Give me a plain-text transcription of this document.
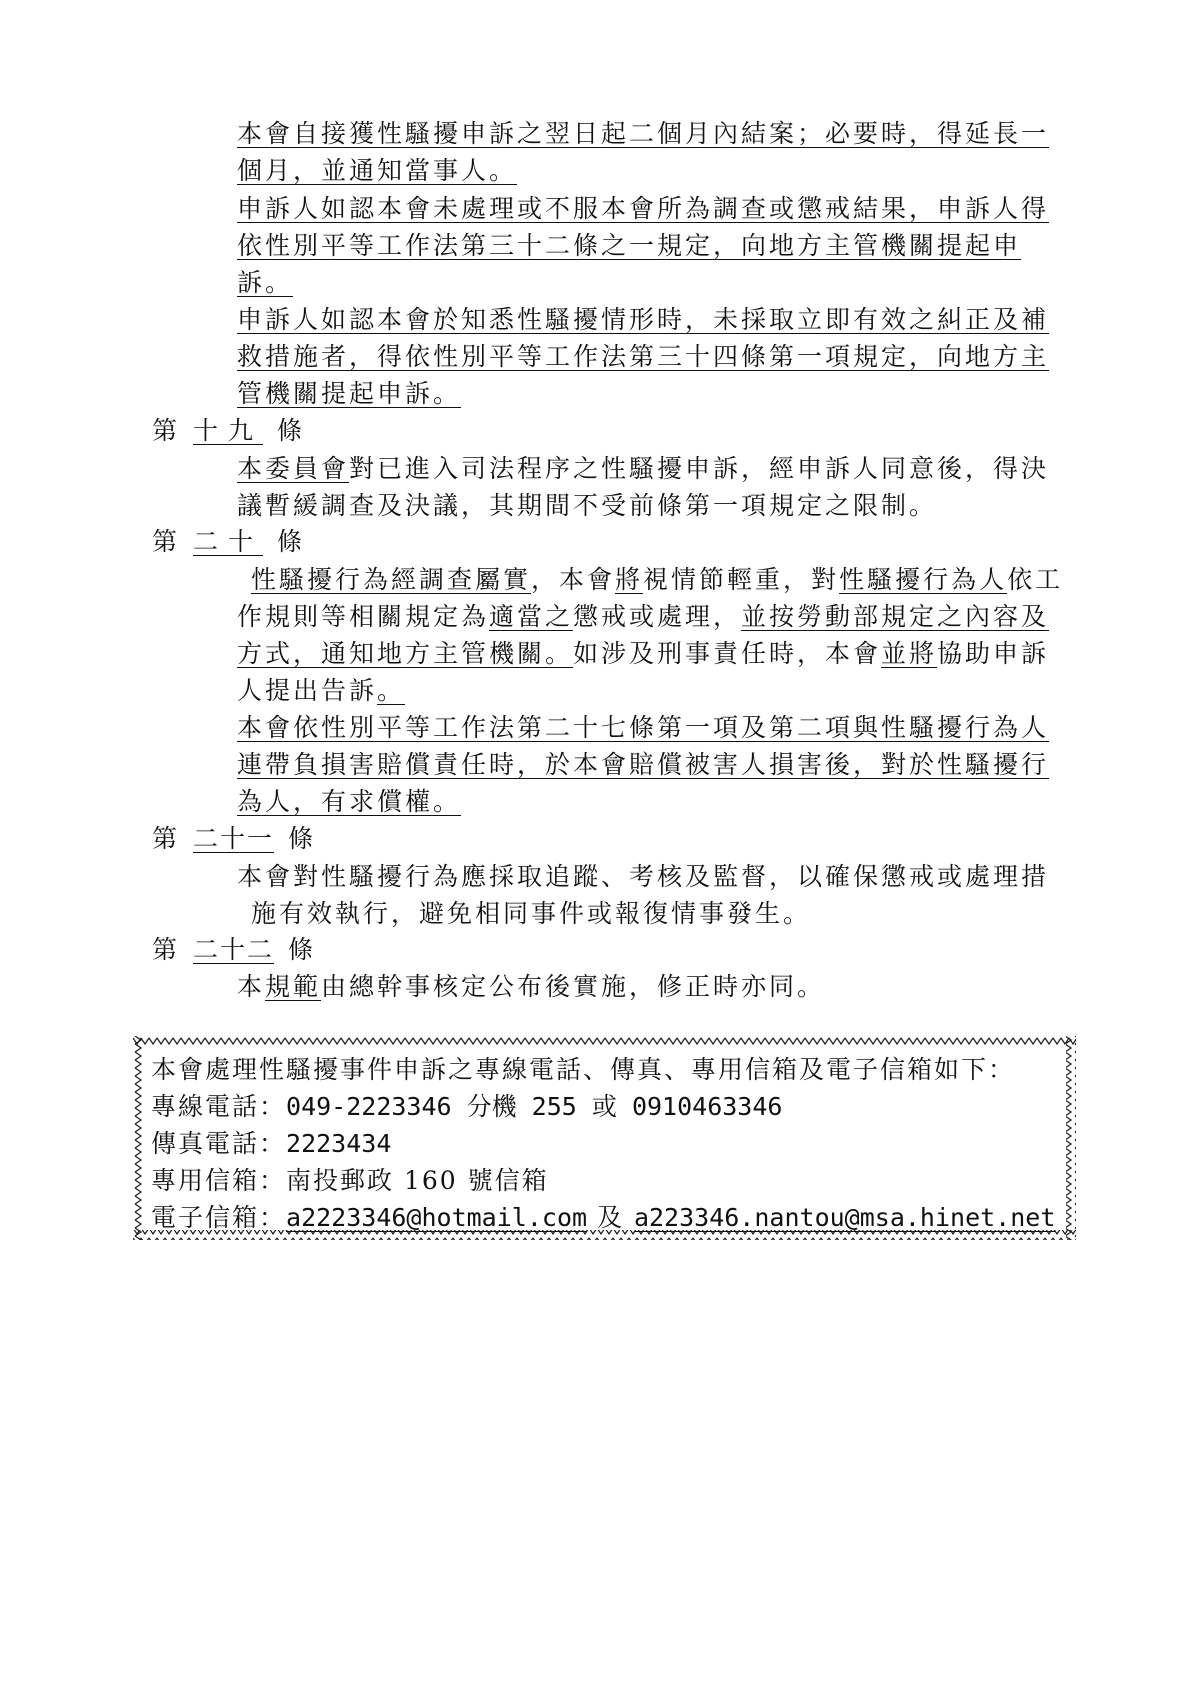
本會自接獲性騷擾申訴之翌日起二個月內結案；必要時，得延長一
個月，並通知當事人。
申訴人如認本會未處理或不服本會所為調查或懲戒結果，申訴人得
依性別平等工作法第三十二條之一規定，向地方主管機關提起申
訴。
申訴人如認本會於知悉性騷擾情形時，未採取立即有效之糾正及補
救措施者，得依性別平等工作法第三十四條第一項規定，向地方主
管機關提起申訴。
第 十九 條
本委員會對已進入司法程序之性騷擾申訴，經申訴人同意後，得決
議暫緩調查及決議，其期間不受前條第一項規定之限制。
第 二十 條
性騷擾行為經調查屬實，本會將視情節輕重，對性騷擾行為人依工
作規則等相關規定為適當之懲戒或處理，並按勞動部規定之內容及
方式，通知地方主管機關。如涉及刑事責任時，本會並將協助申訴
人提出告訴。
本會依性別平等工作法第二十七條第一項及第二項與性騷擾行為人
連帶負損害賠償責任時，於本會賠償被害人損害後，對於性騷擾行
為人，有求償權。
第 二十一 條
本會對性騷擾行為應採取追蹤、考核及監督，以確保懲戒或處理措
施有效執行，避免相同事件或報復情事發生。
第 二十二 條
本規範由總幹事核定公布後實施，修正時亦同。
本會處理性騷擾事件申訴之專線電話、傳真、專用信箱及電子信箱如下：
專線電話：049-2223346 分機 255 或 0910463346
傳真電話：2223434
專用信箱：南投郵政 160 號信箱
電子信箱：a2223346@hotmail.com 及 a223346.nantou@msa.hinet.net
